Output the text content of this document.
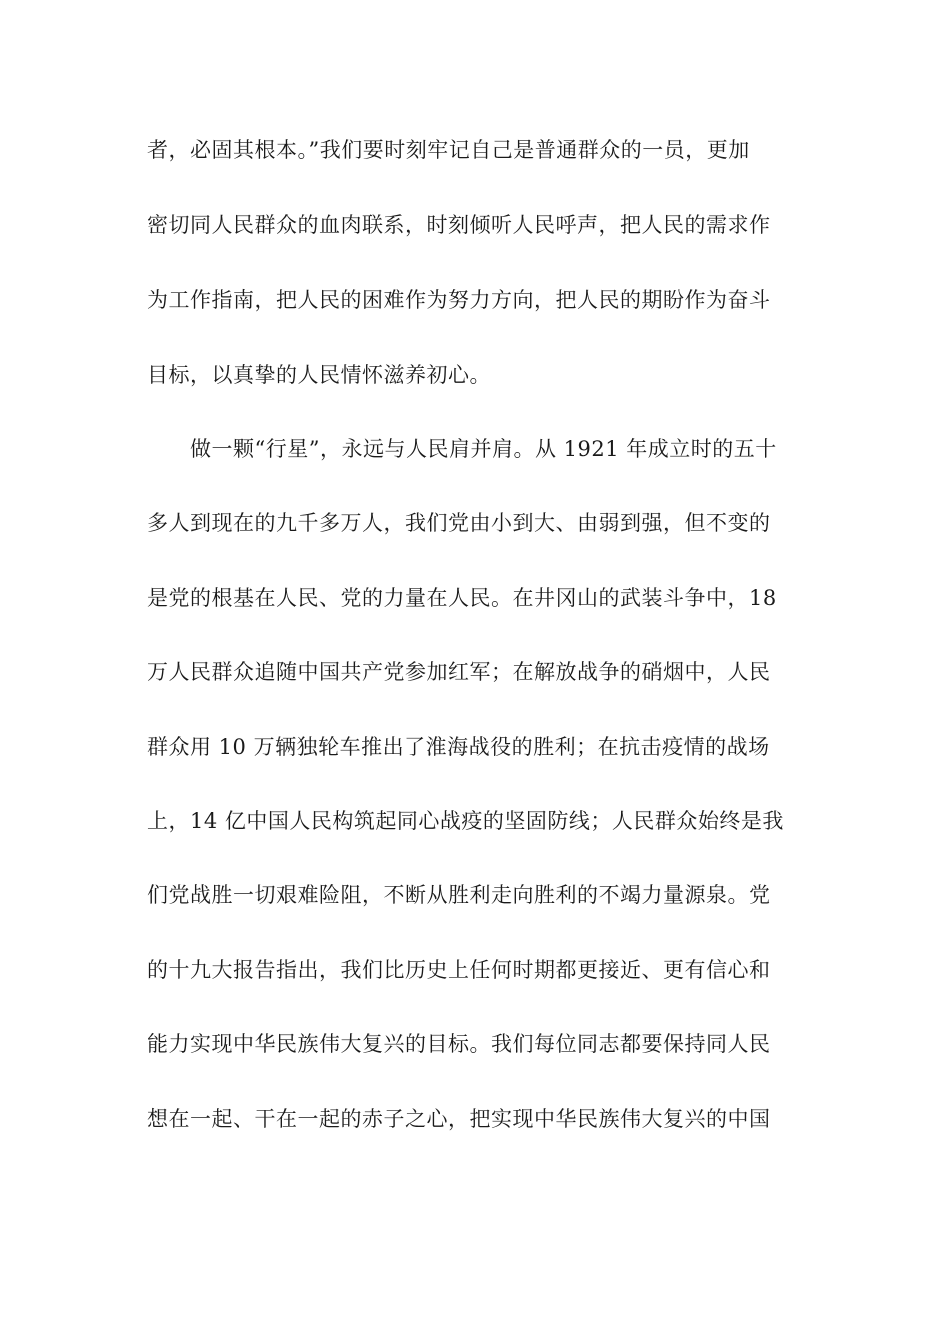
者，必固其根本。”我们要时刻牢记自己是普通群众的一员，更加
密切同人民群众的血肉联系，时刻倾听人民呼声，把人民的需求作
为工作指南，把人民的困难作为努力方向，把人民的期盼作为奋斗
目标，以真挚的人民情怀滋养初心。
做一颗“行星”，永远与人民肩并肩。从 1921 年成立时的五十
多人到现在的九千多万人，我们党由小到大、由弱到强，但不变的
是党的根基在人民、党的力量在人民。在井冈山的武装斗争中，18
万人民群众追随中国共产党参加红军；在解放战争的硝烟中，人民
群众用 10 万辆独轮车推出了淮海战役的胜利；在抗击疫情的战场
上，14 亿中国人民构筑起同心战疫的坚固防线；人民群众始终是我
们党战胜一切艰难险阻，不断从胜利走向胜利的不竭力量源泉。党
的十九大报告指出，我们比历史上任何时期都更接近、更有信心和
能力实现中华民族伟大复兴的目标。我们每位同志都要保持同人民
想在一起、干在一起的赤子之心，把实现中华民族伟大复兴的中国
